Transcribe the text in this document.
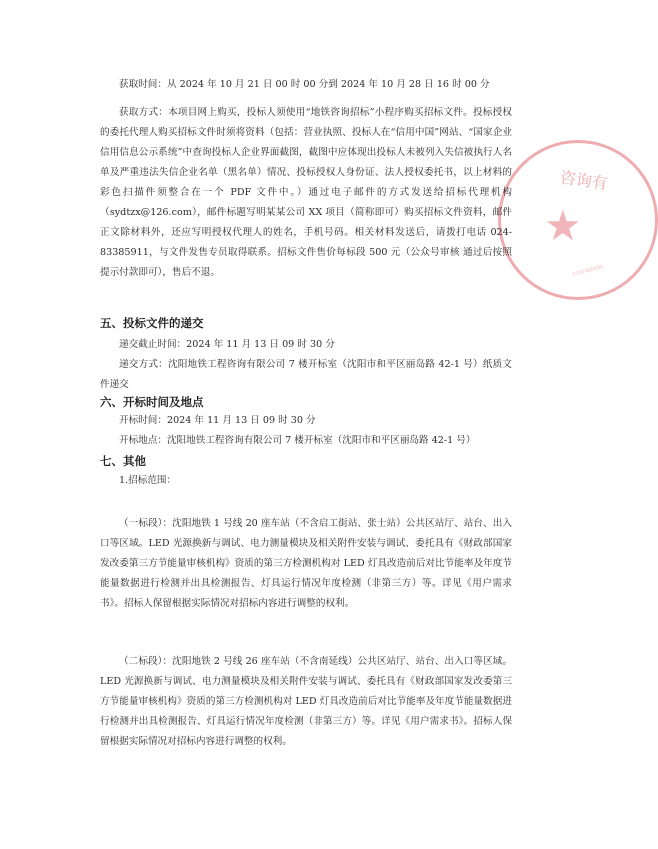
咨询有
★
2101060000

获取时间：从 2024 年 10 月 21 日 00 时 00 分到 2024 年 10 月 28 日 16 时 00 分

获取方式：本项目网上购买，投标人须使用“地铁咨询招标”小程序购买招标文件。投标授权的委托代理人购买招标文件时须将资料（包括：营业执照、投标人在“信用中国”网站、“国家企业信用信息公示系统”中查询投标人企业界面截图，截图中应体现出投标人未被列入失信被执行人名单及严重违法失信企业名单（黑名单）情况、投标授权人身份证、法人授权委托书，以上材料的彩色扫描件须整合在一个 PDF 文件中。）通过电子邮件的方式发送给招标代理机构（sydtzx@126.com），邮件标题写明某某公司 XX 项目（简称即可）购买招标文件资料，邮件正文除材料外，还应写明授权代理人的姓名，手机号码。相关材料发送后，请拨打电话 024-83385911，与文件发售专员取得联系。招标文件售价每标段 500 元（公众号审核 通过后按照提示付款即可），售后不退。

五、投标文件的递交

递交截止时间：2024 年 11 月 13 日 09 时 30 分

递交方式：沈阳地铁工程咨询有限公司 7 楼开标室（沈阳市和平区丽岛路 42-1 号）纸质文件递交

六、开标时间及地点

开标时间：2024 年 11 月 13 日 09 时 30 分

开标地点：沈阳地铁工程咨询有限公司 7 楼开标室（沈阳市和平区丽岛路 42-1 号）

七、其他

1.招标范围：

（一标段）：沈阳地铁 1 号线 20 座车站（不含启工街站、张士站）公共区站厅、站台、出入口等区域。LED 光源换新与调试、电力测量模块及相关附件安装与调试、委托具有《财政部国家发改委第三方节能量审核机构》资质的第三方检测机构对 LED 灯具改造前后对比节能率及年度节能量数据进行检测并出具检测报告、灯具运行情况年度检测（非第三方）等。详见《用户需求书》。招标人保留根据实际情况对招标内容进行调整的权利。

（二标段）：沈阳地铁 2 号线 26 座车站（不含南延线）公共区站厅、站台、出入口等区域。LED 光源换新与调试、电力测量模块及相关附件安装与调试、委托具有《财政部国家发改委第三方节能量审核机构》资质的第三方检测机构对 LED 灯具改造前后对比节能率及年度节能量数据进行检测并出具检测报告、灯具运行情况年度检测（非第三方）等。详见《用户需求书》。招标人保留根据实际情况对招标内容进行调整的权利。
